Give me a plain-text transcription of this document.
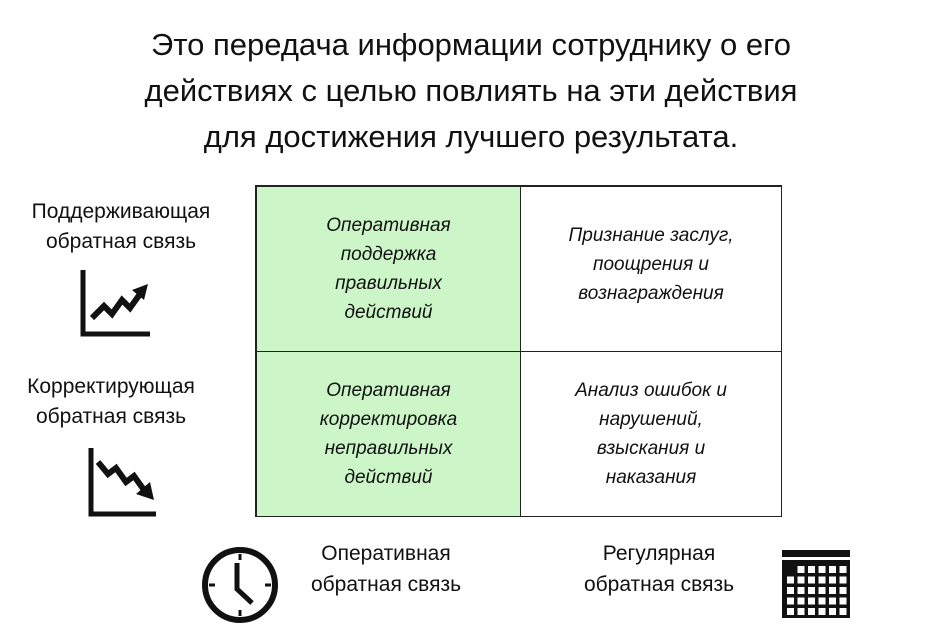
Это передача информации сотруднику о его
действиях с целью повлиять на эти действия
для достижения лучшего результата.
Поддерживающая
обратная связь
Корректирующая
обратная связь
Оперативная
поддержка
правильных
действий
Признание заслуг,
поощрения и
вознаграждения
Оперативная
корректировка
неправильных
действий
Анализ ошибок и
нарушений,
взыскания и
наказания
Оперативная
обратная связь
Регулярная
обратная связь
